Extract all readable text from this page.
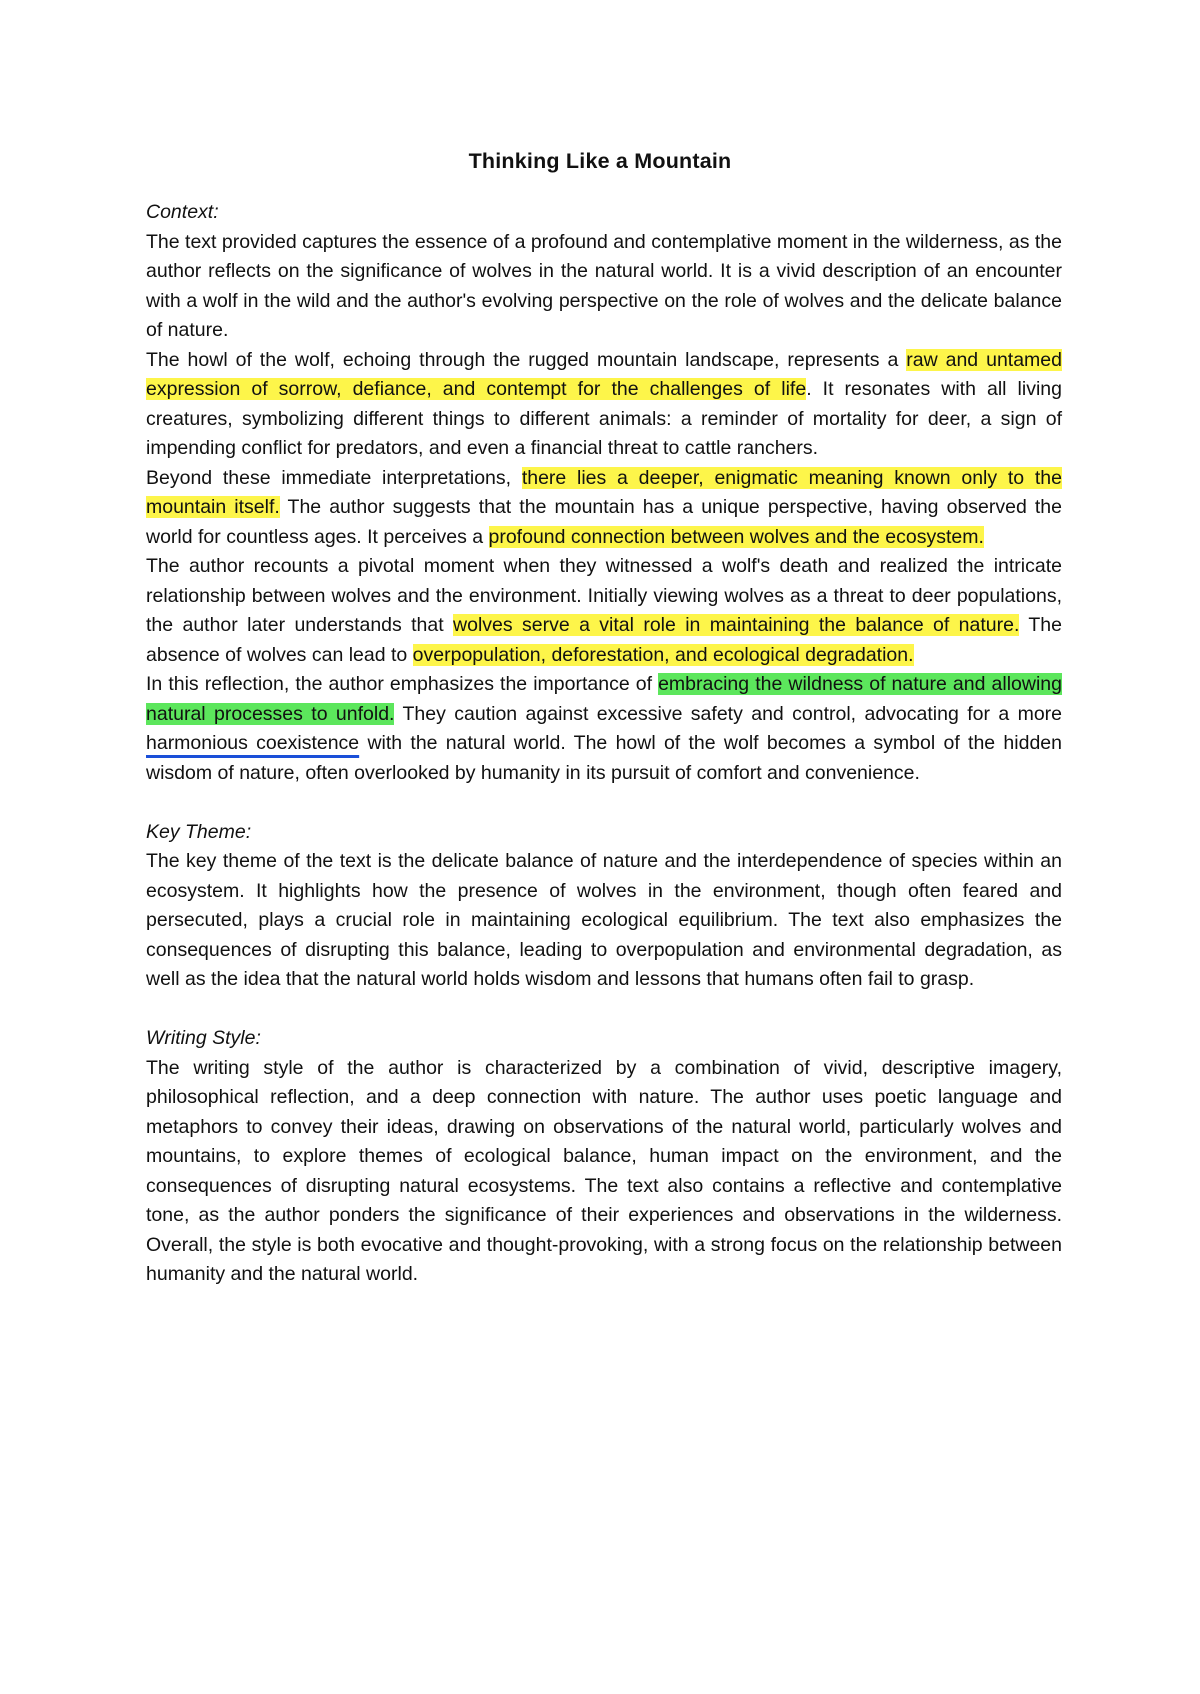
Thinking Like a Mountain

Context:

The text provided captures the essence of a profound and contemplative moment in the wilderness, as the author reflects on the significance of wolves in the natural world. It is a vivid description of an encounter with a wolf in the wild and the author's evolving perspective on the role of wolves and the delicate balance of nature.

The howl of the wolf, echoing through the rugged mountain landscape, represents a raw and untamed expression of sorrow, defiance, and contempt for the challenges of life. It resonates with all living creatures, symbolizing different things to different animals: a reminder of mortality for deer, a sign of impending conflict for predators, and even a financial threat to cattle ranchers.

Beyond these immediate interpretations, there lies a deeper, enigmatic meaning known only to the mountain itself. The author suggests that the mountain has a unique perspective, having observed the world for countless ages. It perceives a profound connection between wolves and the ecosystem.

The author recounts a pivotal moment when they witnessed a wolf's death and realized the intricate relationship between wolves and the environment. Initially viewing wolves as a threat to deer populations, the author later understands that wolves serve a vital role in maintaining the balance of nature. The absence of wolves can lead to overpopulation, deforestation, and ecological degradation.

In this reflection, the author emphasizes the importance of embracing the wildness of nature and allowing natural processes to unfold. They caution against excessive safety and control, advocating for a more harmonious coexistence with the natural world. The howl of the wolf becomes a symbol of the hidden wisdom of nature, often overlooked by humanity in its pursuit of comfort and convenience.

Key Theme:

The key theme of the text is the delicate balance of nature and the interdependence of species within an ecosystem. It highlights how the presence of wolves in the environment, though often feared and persecuted, plays a crucial role in maintaining ecological equilibrium. The text also emphasizes the consequences of disrupting this balance, leading to overpopulation and environmental degradation, as well as the idea that the natural world holds wisdom and lessons that humans often fail to grasp.

Writing Style:

The writing style of the author is characterized by a combination of vivid, descriptive imagery, philosophical reflection, and a deep connection with nature. The author uses poetic language and metaphors to convey their ideas, drawing on observations of the natural world, particularly wolves and mountains, to explore themes of ecological balance, human impact on the environment, and the consequences of disrupting natural ecosystems. The text also contains a reflective and contemplative tone, as the author ponders the significance of their experiences and observations in the wilderness. Overall, the style is both evocative and thought-provoking, with a strong focus on the relationship between humanity and the natural world.
